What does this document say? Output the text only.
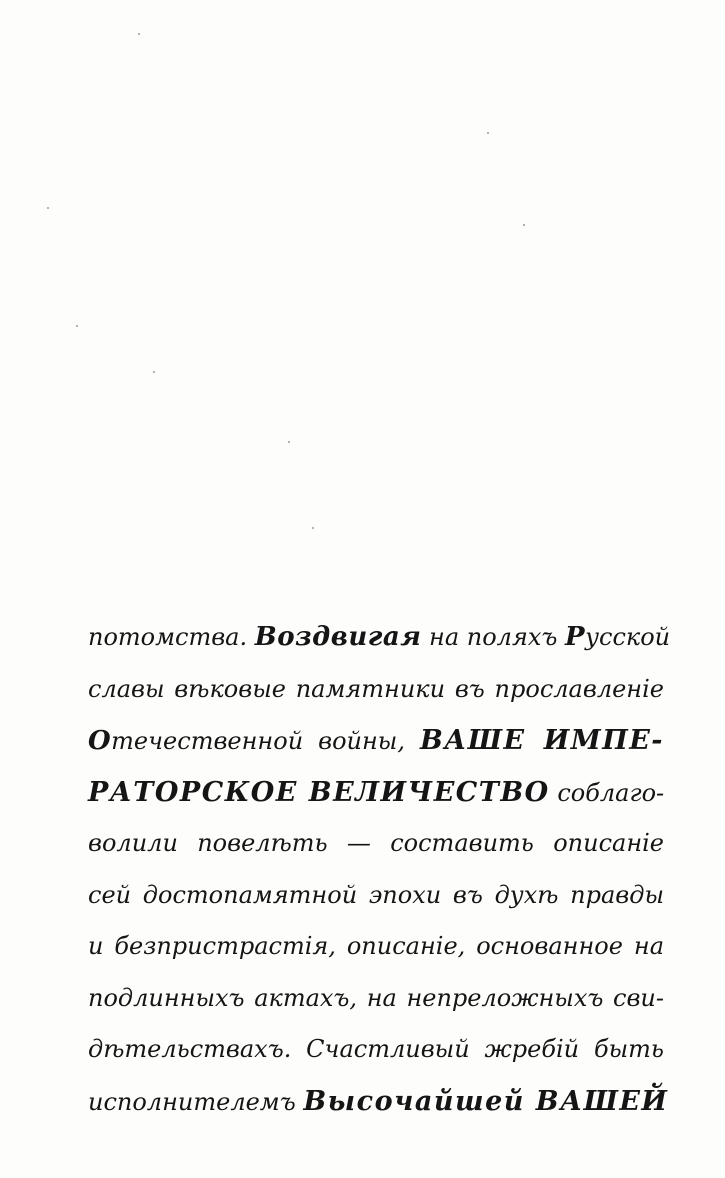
потомства. Воздвигая на поляхъ Русской
славы вѣковые памятники въ прославленіе
Отечественной войны, ВАШЕ ИМПЕ-
РАТОРСКОЕ ВЕЛИЧЕСТВО соблаго-
волили повелѣть — составить описаніе
сей достопамятной эпохи въ духѣ правды
и безпристрастія, описаніе, основанное на
подлинныхъ актахъ, на непреложныхъ сви-
дѣтельствахъ. Счастливый жребій быть
исполнителемъ Высочайшей ВАШЕЙ
